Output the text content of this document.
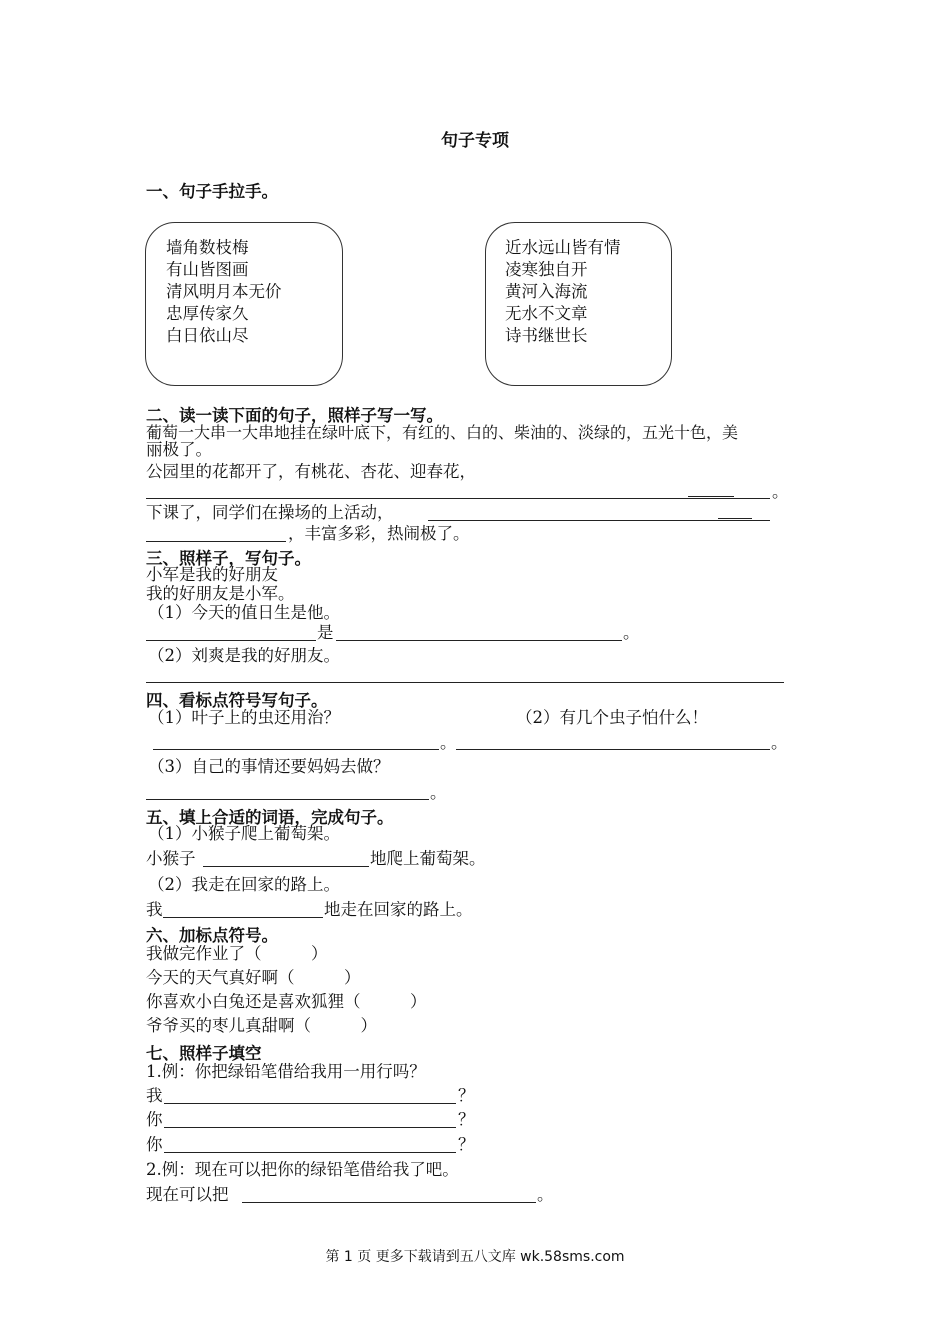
句子专项
一、句子手拉手。
墙角数枝梅
有山皆图画
清风明月本无价
忠厚传家久
白日依山尽
近水远山皆有情
凌寒独自开
黄河入海流
无水不文章
诗书继世长
二、读一读下面的句子，照样子写一写。
葡萄一大串一大串地挂在绿叶底下，有红的、白的、柴油的、淡绿的，五光十色，美
丽极了。
公园里的花都开了，有桃花、杏花、迎春花，
。
下课了，同学们在操场的上活动，
，丰富多彩，热闹极了。
三、照样子，写句子。
小军是我的好朋友
我的好朋友是小军。
（1）今天的值日生是他。
是	。
（2）刘爽是我的好朋友。
四、看标点符号写句子。
（1）叶子上的虫还用治？	（2）有几个虫子怕什么！
。	。
（3）自己的事情还要妈妈去做？
。
五、填上合适的词语，完成句子。
（1）小猴子爬上葡萄架。
小猴子	地爬上葡萄架。
（2）我走在回家的路上。
我	地走在回家的路上。
六、加标点符号。
我做完作业了（　　　）
今天的天气真好啊（　　　）
你喜欢小白兔还是喜欢狐狸（　　　）
爷爷买的枣儿真甜啊（　　　）
七、照样子填空
1.例：你把绿铅笔借给我用一用行吗？
我	？
你	？
你	？
2.例：现在可以把你的绿铅笔借给我了吧。
现在可以把	。
第 1 页 更多下载请到五八文库 wk.58sms.com
